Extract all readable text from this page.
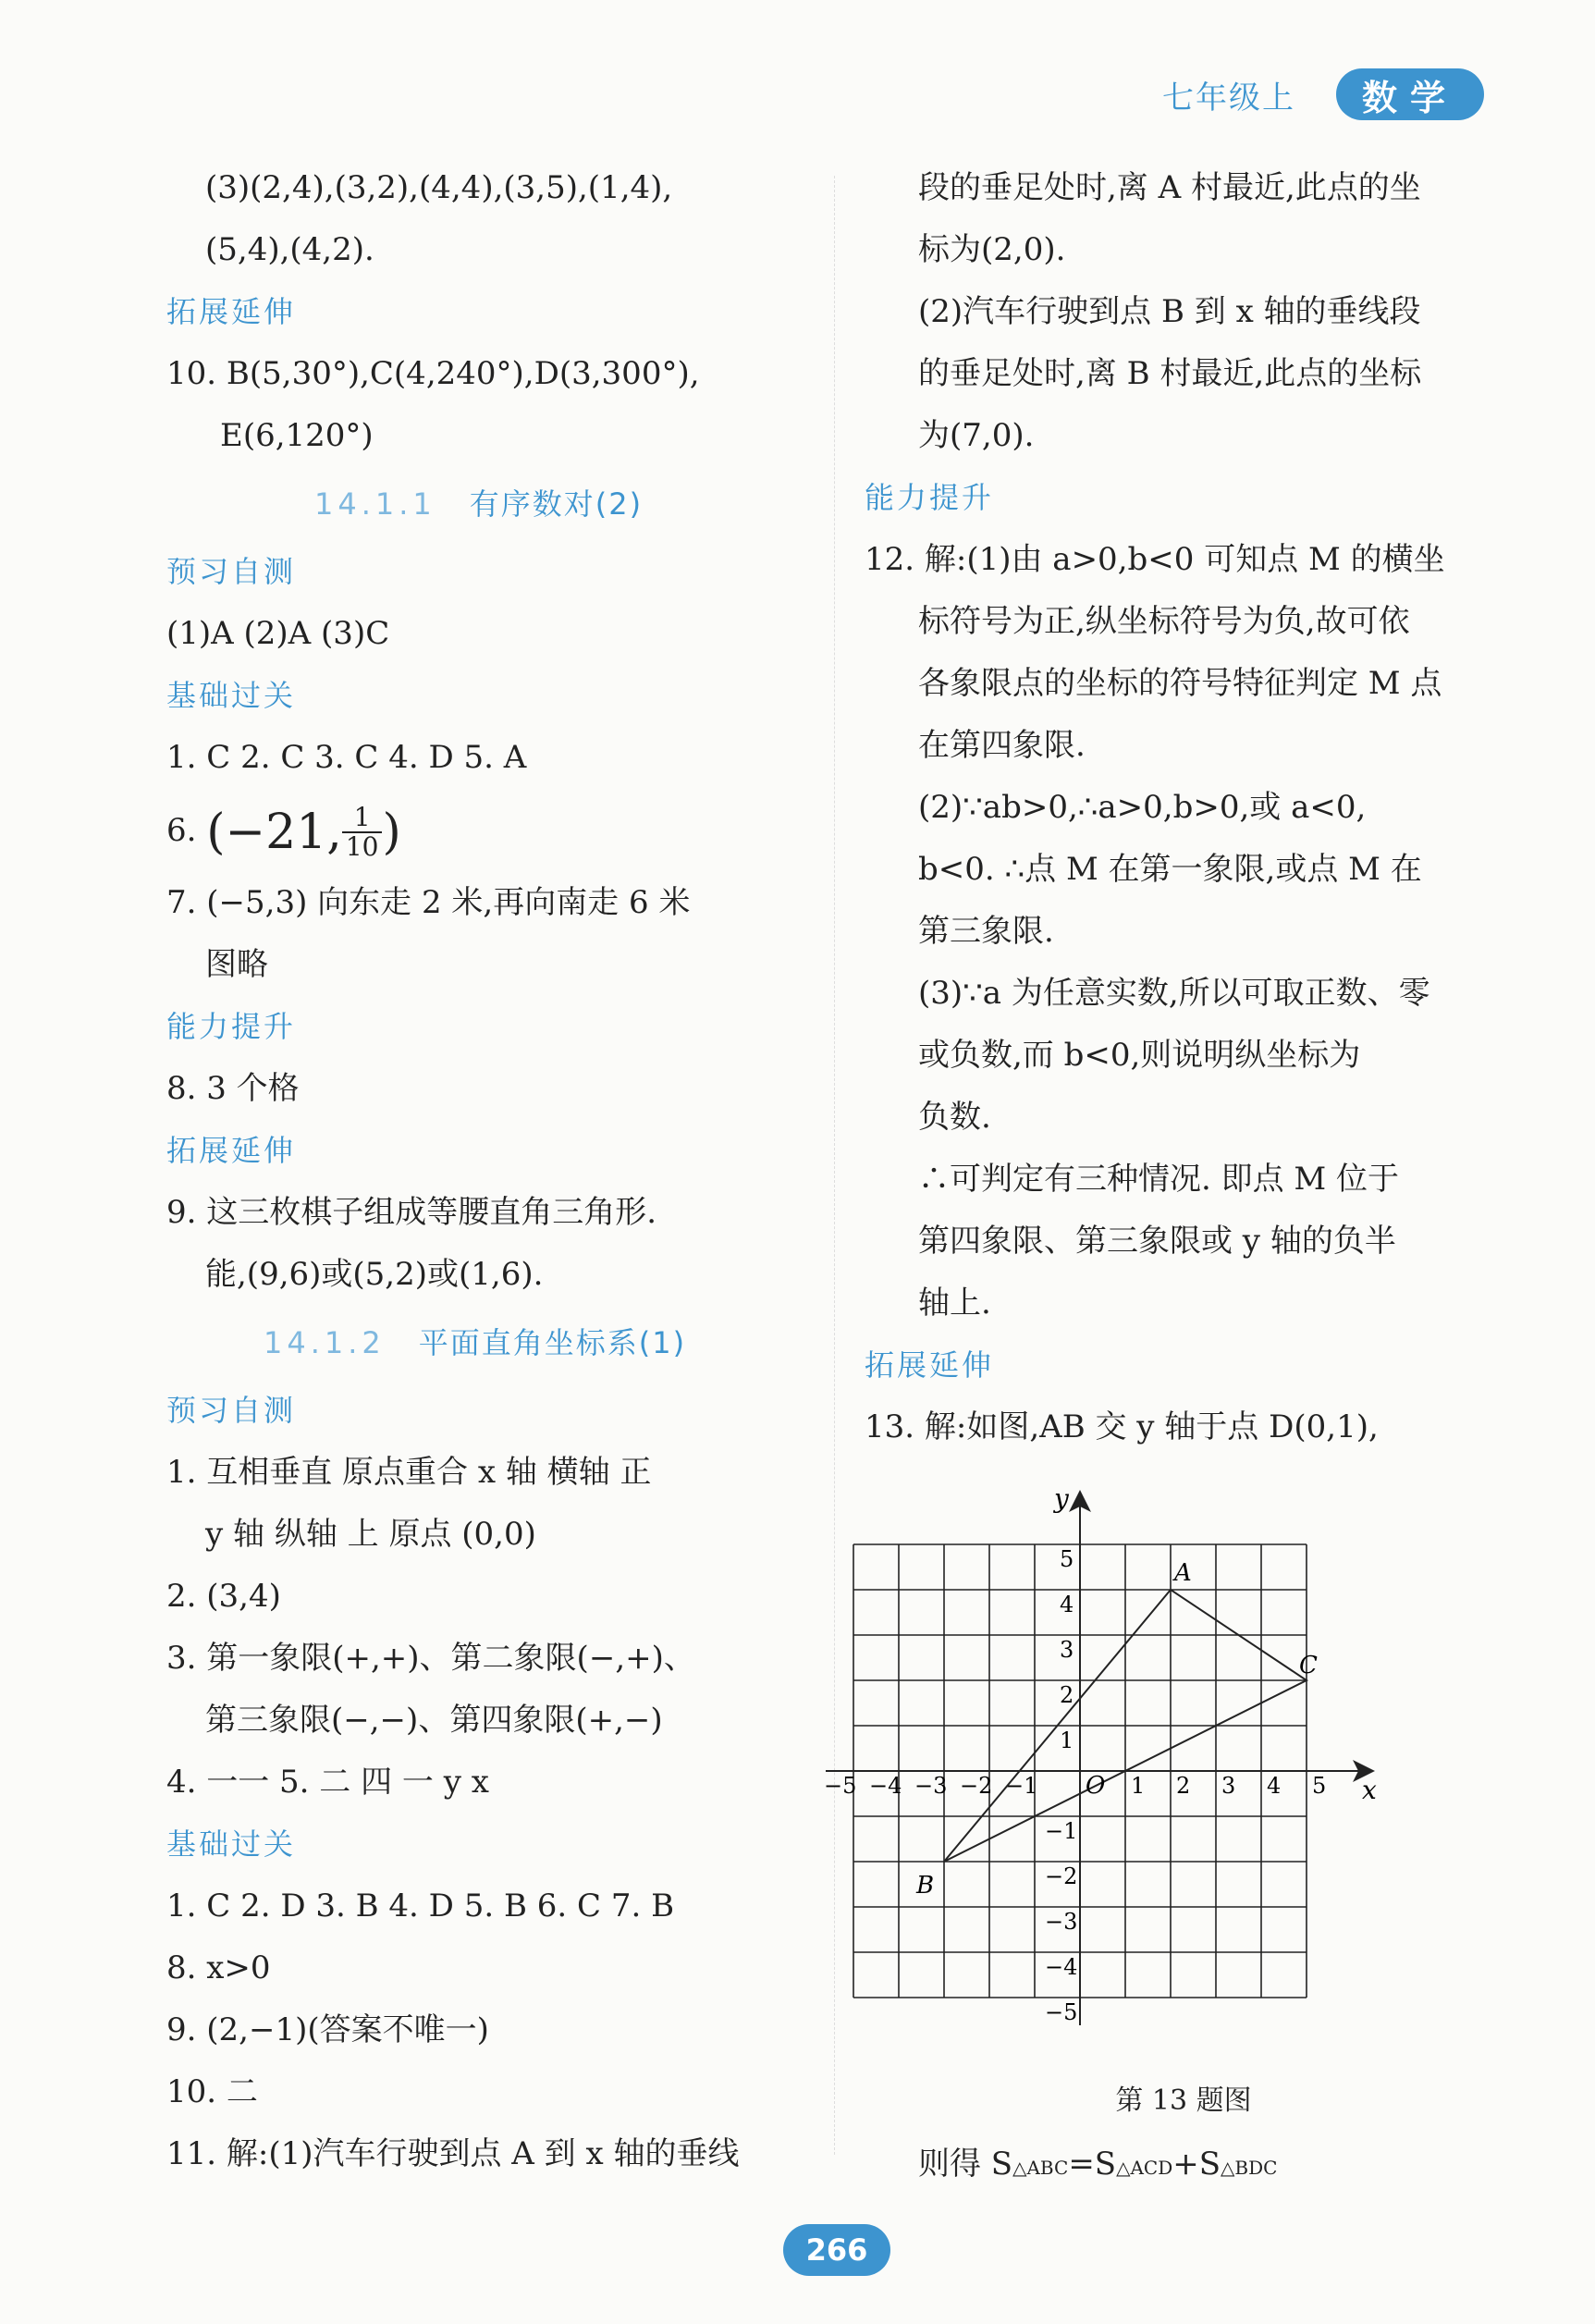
七年级上	数学
(3)(2,4),(3,2),(4,4),(3,5),(1,4),
(5,4),(4,2).
拓展延伸
10. B(5,30°),C(4,240°),D(3,300°),
E(6,120°)
14.1.1 有序数对(2)
预习自测
(1)A (2)A (3)C
基础过关
1. C 2. C 3. C 4. D 5. A
6. (−21, $\frac{1}{10}$ )
7. (−5,3) 向东走 2 米,再向南走 6 米
图略
能力提升
8. 3 个格
拓展延伸
9. 这三枚棋子组成等腰直角三角形.
能,(9,6)或(5,2)或(1,6).
14.1.2 平面直角坐标系(1)
预习自测
1. 互相垂直 原点重合 x 轴 横轴 正
y 轴 纵轴 上 原点 (0,0)
2. (3,4)
3. 第一象限(+,+)、第二象限(−,+)、
第三象限(−,−)、第四象限(+,−)
4. 一一 5. 二 四 一 y x
基础过关
1. C 2. D 3. B 4. D 5. B 6. C 7. B
8. x>0
9. (2,−1)(答案不唯一)
10. 二
11. 解:(1)汽车行驶到点 A 到 x 轴的垂线
段的垂足处时,离 A 村最近,此点的坐
标为(2,0).
(2)汽车行驶到点 B 到 x 轴的垂线段
的垂足处时,离 B 村最近,此点的坐标
为(7,0).
能力提升
12. 解:(1)由 a>0,b<0 可知点 M 的横坐
标符号为正,纵坐标符号为负,故可依
各象限点的坐标的符号特征判定 M 点
在第四象限.
(2)∵ab>0,∴a>0,b>0,或 a<0,
b<0. ∴点 M 在第一象限,或点 M 在
第三象限.
(3)∵a 为任意实数,所以可取正数、零
或负数,而 b<0,则说明纵坐标为
负数.
∴可判定有三种情况. 即点 M 位于
第四象限、第三象限或 y 轴的负半
轴上.
拓展延伸
13. 解:如图,AB 交 y 轴于点 D(0,1),
−5 −4 −3 −2 −1	1 2 3 4 5
5
4
3
2
1
−1
−2
−3
−4
−5
A
B
C
O	x
y
第 13 题图
则得 S△ABC=S△ACD+S△BDC
266
